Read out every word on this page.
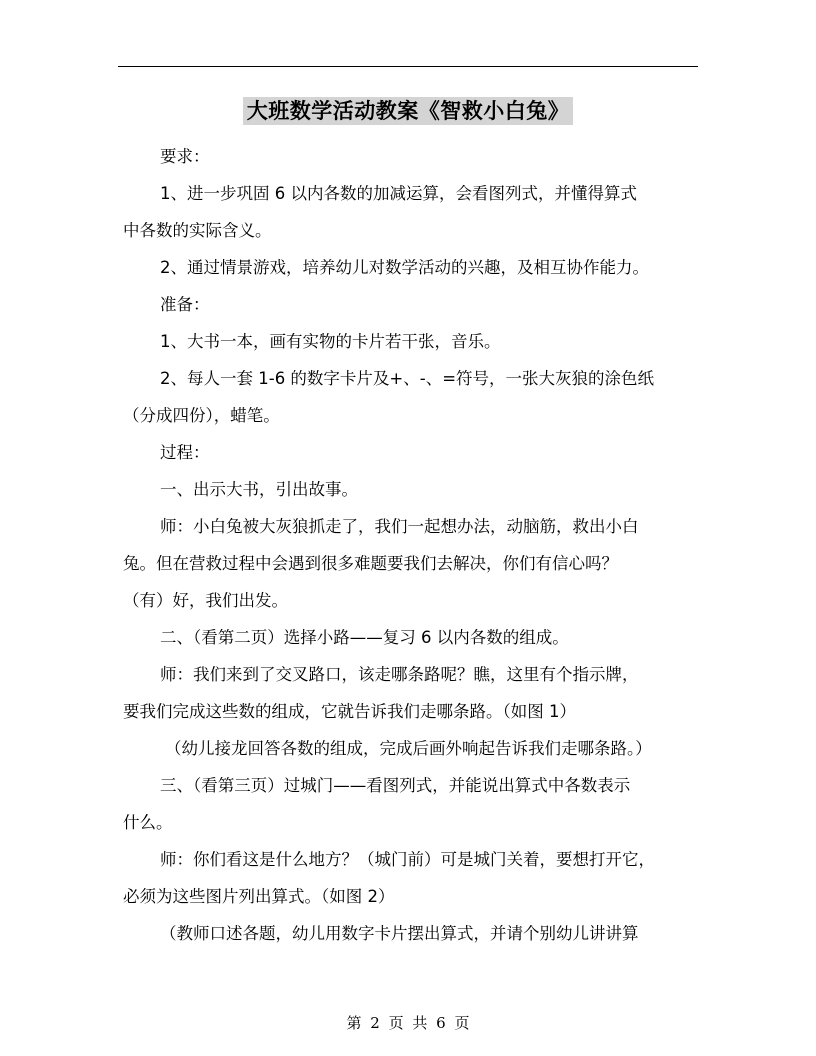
大班数学活动教案《智救小白兔》

要求：

1、进一步巩固 6 以内各数的加减运算，会看图列式，并懂得算式

中各数的实际含义。

2、通过情景游戏，培养幼儿对数学活动的兴趣，及相互协作能力。

准备：

1、大书一本，画有实物的卡片若干张，音乐。

2、每人一套 1-6 的数字卡片及+、-、=符号，一张大灰狼的涂色纸

（分成四份），蜡笔。

过程：

一、出示大书，引出故事。

师：小白兔被大灰狼抓走了，我们一起想办法，动脑筋，救出小白

兔。但在营救过程中会遇到很多难题要我们去解决，你们有信心吗？

（有）好，我们出发。

二、（看第二页）选择小路——复习 6 以内各数的组成。

师：我们来到了交叉路口，该走哪条路呢？瞧，这里有个指示牌，

要我们完成这些数的组成，它就告诉我们走哪条路。（如图 1）

（幼儿接龙回答各数的组成，完成后画外响起告诉我们走哪条路。）

三、（看第三页）过城门——看图列式，并能说出算式中各数表示

什么。

师：你们看这是什么地方？（城门前）可是城门关着，要想打开它，

必须为这些图片列出算式。（如图 2）

（教师口述各题，幼儿用数字卡片摆出算式，并请个别幼儿讲讲算

第 2 页 共 6 页
